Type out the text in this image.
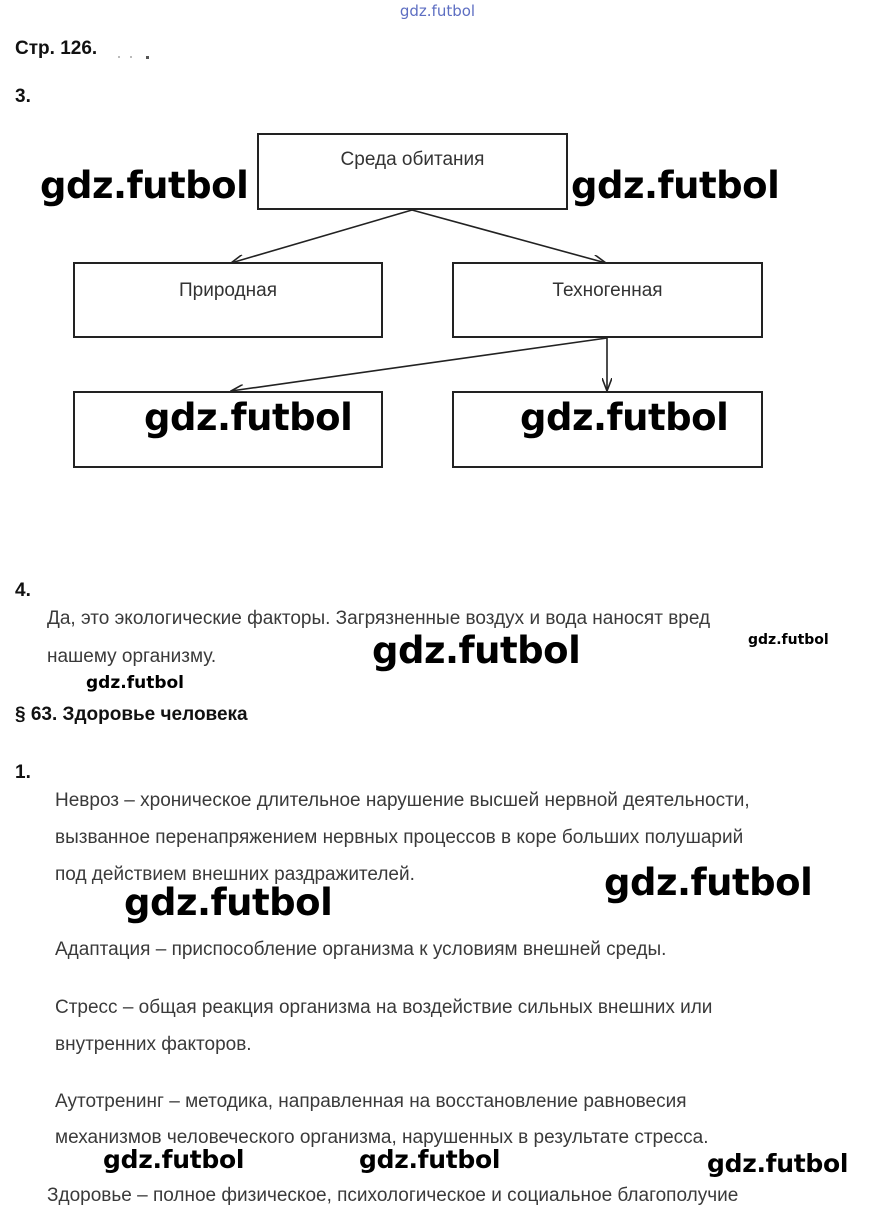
gdz.futbol
Стр. 126.
3.
Среда обитания
Природная	Техногенная
gdz.futbol	gdz.futbol
gdz.futbol	gdz.futbol
4.
Да, это экологические факторы. Загрязненные воздух и вода наносят вред
нашему организму.	gdz.futbol	gdz.futbol
gdz.futbol
§ 63. Здоровье человека
1.
Невроз – хроническое длительное нарушение высшей нервной деятельности,
вызванное перенапряжением нервных процессов в коре больших полушарий
под действием внешних раздражителей.	gdz.futbol
gdz.futbol
Адаптация – приспособление организма к условиям внешней среды.
Стресс – общая реакция организма на воздействие сильных внешних или
внутренних факторов.
Аутотренинг – методика, направленная на восстановление равновесия
механизмов человеческого организма, нарушенных в результате стресса.
gdz.futbol	gdz.futbol	gdz.futbol
Здоровье – полное физическое, психологическое и социальное благополучие
